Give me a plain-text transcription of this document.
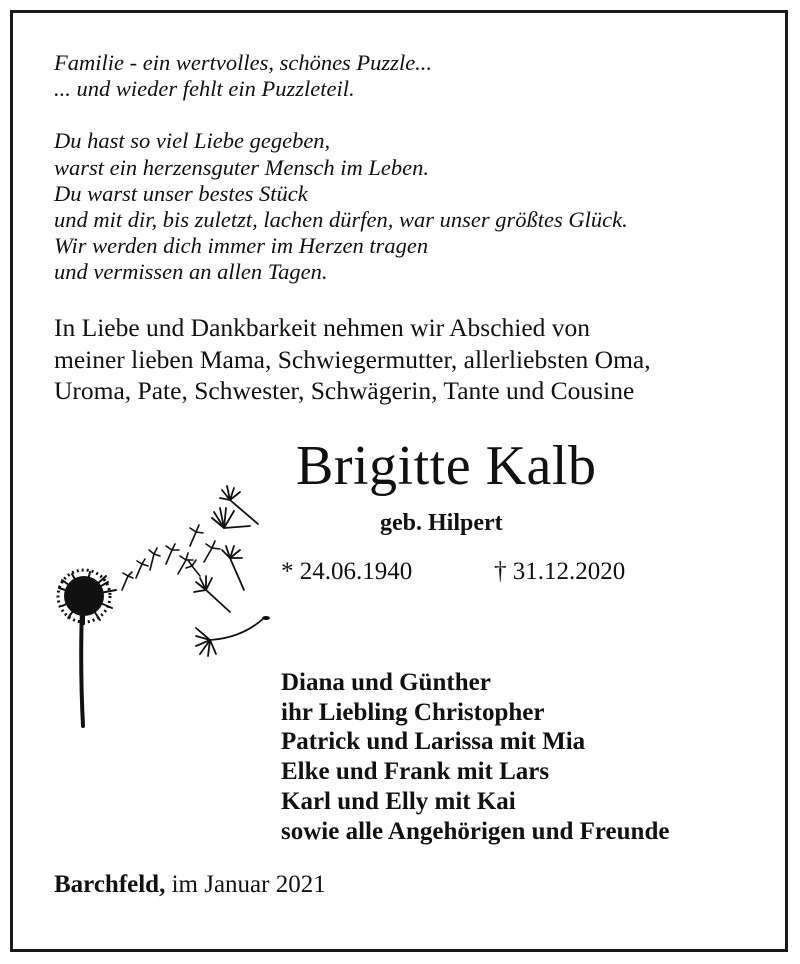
Familie - ein wertvolles, schönes Puzzle...
... und wieder fehlt ein Puzzleteil.
Du hast so viel Liebe gegeben,
warst ein herzensguter Mensch im Leben.
Du warst unser bestes Stück
und mit dir, bis zuletzt, lachen dürfen, war unser größtes Glück.
Wir werden dich immer im Herzen tragen
und vermissen an allen Tagen.
In Liebe und Dankbarkeit nehmen wir Abschied von
meiner lieben Mama, Schwiegermutter, allerliebsten Oma,
Uroma, Pate, Schwester, Schwägerin, Tante und Cousine
Brigitte Kalb
geb. Hilpert
* 24.06.1940	† 31.12.2020
Diana und Günther
ihr Liebling Christopher
Patrick und Larissa mit Mia
Elke und Frank mit Lars
Karl und Elly mit Kai
sowie alle Angehörigen und Freunde
Barchfeld, im Januar 2021
